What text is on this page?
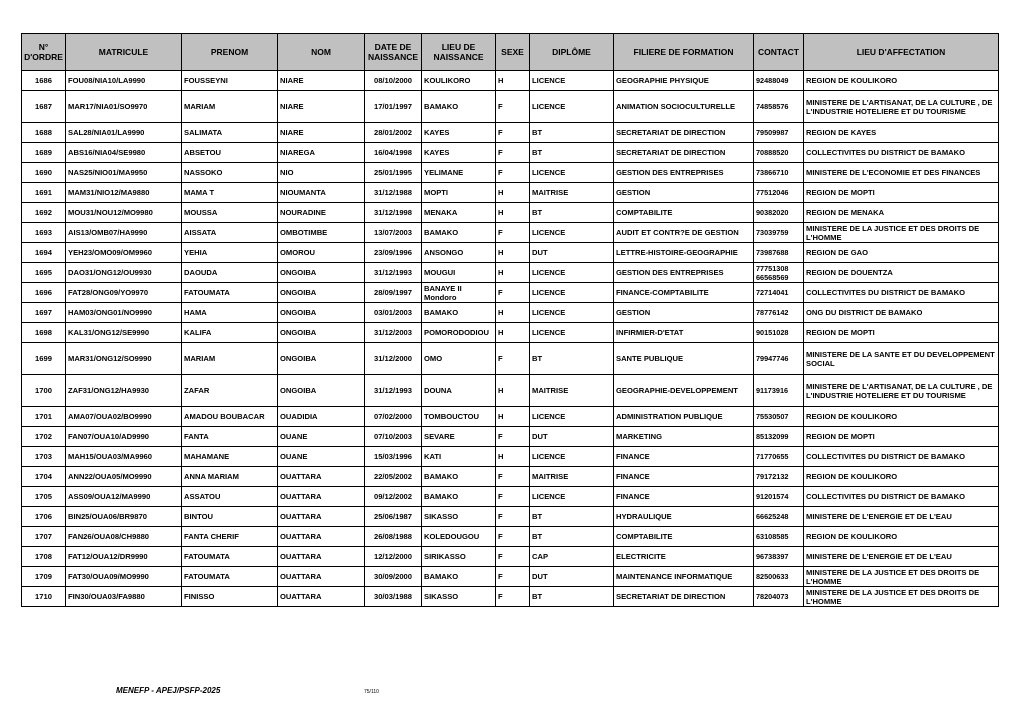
N° D'ORDRE	MATRICULE	PRENOM	NOM	DATE DE NAISSANCE	LIEU DE NAISSANCE	SEXE	DIPLÔME	FILIERE DE FORMATION	CONTACT	LIEU D'AFFECTATION
1686	FOU08/NIA10/LA9990	FOUSSEYNI	NIARE	08/10/2000	KOULIKORO	H	LICENCE	GEOGRAPHIE PHYSIQUE	92488049	REGION DE KOULIKORO
1687	MAR17/NIA01/SO9970	MARIAM	NIARE	17/01/1997	BAMAKO	F	LICENCE	ANIMATION SOCIOCULTURELLE	74858576	MINISTERE DE L'ARTISANAT, DE LA CULTURE , DE L'INDUSTRIE HOTELIERE ET DU TOURISME
1688	SAL28/NIA01/LA9990	SALIMATA	NIARE	28/01/2002	KAYES	F	BT	SECRETARIAT DE DIRECTION	79509987	REGION DE KAYES
1689	ABS16/NIA04/SE9980	ABSETOU	NIAREGA	16/04/1998	KAYES	F	BT	SECRETARIAT DE DIRECTION	70888520	COLLECTIVITES DU DISTRICT DE BAMAKO
1690	NAS25/NIO01/MA9950	NASSOKO	NIO	25/01/1995	YELIMANE	F	LICENCE	GESTION DES ENTREPRISES	73866710	MINISTERE DE L'ECONOMIE ET DES FINANCES
1691	MAM31/NIO12/MA9880	MAMA T	NIOUMANTA	31/12/1988	MOPTI	H	MAITRISE	GESTION	77512046	REGION DE MOPTI
1692	MOU31/NOU12/MO9980	MOUSSA	NOURADINE	31/12/1998	MENAKA	H	BT	COMPTABILITE	90382020	REGION DE MENAKA
1693	AIS13/OMB07/HA9990	AISSATA	OMBOTIMBE	13/07/2003	BAMAKO	F	LICENCE	AUDIT ET CONTR?E DE GESTION	73039759	MINISTERE DE LA JUSTICE ET DES DROITS DE L'HOMME
1694	YEH23/OMO09/OM9960	YEHIA	OMOROU	23/09/1996	ANSONGO	H	DUT	LETTRE-HISTOIRE-GEOGRAPHIE	73987688	REGION DE GAO
1695	DAO31/ONG12/OU9930	DAOUDA	ONGOIBA	31/12/1993	MOUGUI	H	LICENCE	GESTION DES ENTREPRISES	77751308 66568569	REGION DE DOUENTZA
1696	FAT28/ONG09/YO9970	FATOUMATA	ONGOIBA	28/09/1997	BANAYE II Mondoro	F	LICENCE	FINANCE-COMPTABILITE	72714041	COLLECTIVITES DU DISTRICT DE BAMAKO
1697	HAM03/ONG01/NO9990	HAMA	ONGOIBA	03/01/2003	BAMAKO	H	LICENCE	GESTION	78776142	ONG DU DISTRICT DE BAMAKO
1698	KAL31/ONG12/SE9990	KALIFA	ONGOIBA	31/12/2003	POMORODODIOU	H	LICENCE	INFIRMIER-D'ETAT	90151028	REGION DE MOPTI
1699	MAR31/ONG12/SO9990	MARIAM	ONGOIBA	31/12/2000	OMO	F	BT	SANTE PUBLIQUE	79947746	MINISTERE DE LA SANTE ET DU DEVELOPPEMENT SOCIAL
1700	ZAF31/ONG12/HA9930	ZAFAR	ONGOIBA	31/12/1993	DOUNA	H	MAITRISE	GEOGRAPHIE-DEVELOPPEMENT	91173916	MINISTERE DE L'ARTISANAT, DE LA CULTURE , DE L'INDUSTRIE HOTELIERE ET DU TOURISME
1701	AMA07/OUA02/BO9990	AMADOU BOUBACAR	OUADIDIA	07/02/2000	TOMBOUCTOU	H	LICENCE	ADMINISTRATION PUBLIQUE	75530507	REGION DE KOULIKORO
1702	FAN07/OUA10/AD9990	FANTA	OUANE	07/10/2003	SEVARE	F	DUT	MARKETING	85132099	REGION DE MOPTI
1703	MAH15/OUA03/MA9960	MAHAMANE	OUANE	15/03/1996	KATI	H	LICENCE	FINANCE	71770655	COLLECTIVITES DU DISTRICT DE BAMAKO
1704	ANN22/OUA05/MO9990	ANNA MARIAM	OUATTARA	22/05/2002	BAMAKO	F	MAITRISE	FINANCE	79172132	REGION DE KOULIKORO
1705	ASS09/OUA12/MA9990	ASSATOU	OUATTARA	09/12/2002	BAMAKO	F	LICENCE	FINANCE	91201574	COLLECTIVITES DU DISTRICT DE BAMAKO
1706	BIN25/OUA06/BR9870	BINTOU	OUATTARA	25/06/1987	SIKASSO	F	BT	HYDRAULIQUE	66625248	MINISTERE DE L'ENERGIE ET DE L'EAU
1707	FAN26/OUA08/CH9880	FANTA CHERIF	OUATTARA	26/08/1988	KOLEDOUGOU	F	BT	COMPTABILITE	63108585	REGION DE KOULIKORO
1708	FAT12/OUA12/DR9990	FATOUMATA	OUATTARA	12/12/2000	SIRIKASSO	F	CAP	ELECTRICITE	96738397	MINISTERE DE L'ENERGIE ET DE L'EAU
1709	FAT30/OUA09/MO9990	FATOUMATA	OUATTARA	30/09/2000	BAMAKO	F	DUT	MAINTENANCE INFORMATIQUE	82500633	MINISTERE DE LA JUSTICE ET DES DROITS DE L'HOMME
1710	FIN30/OUA03/FA9880	FINISSO	OUATTARA	30/03/1988	SIKASSO	F	BT	SECRETARIAT DE DIRECTION	78204073	MINISTERE DE LA JUSTICE ET DES DROITS DE L'HOMME
MENEFP - APEJ/PSFP-2025	75/110
